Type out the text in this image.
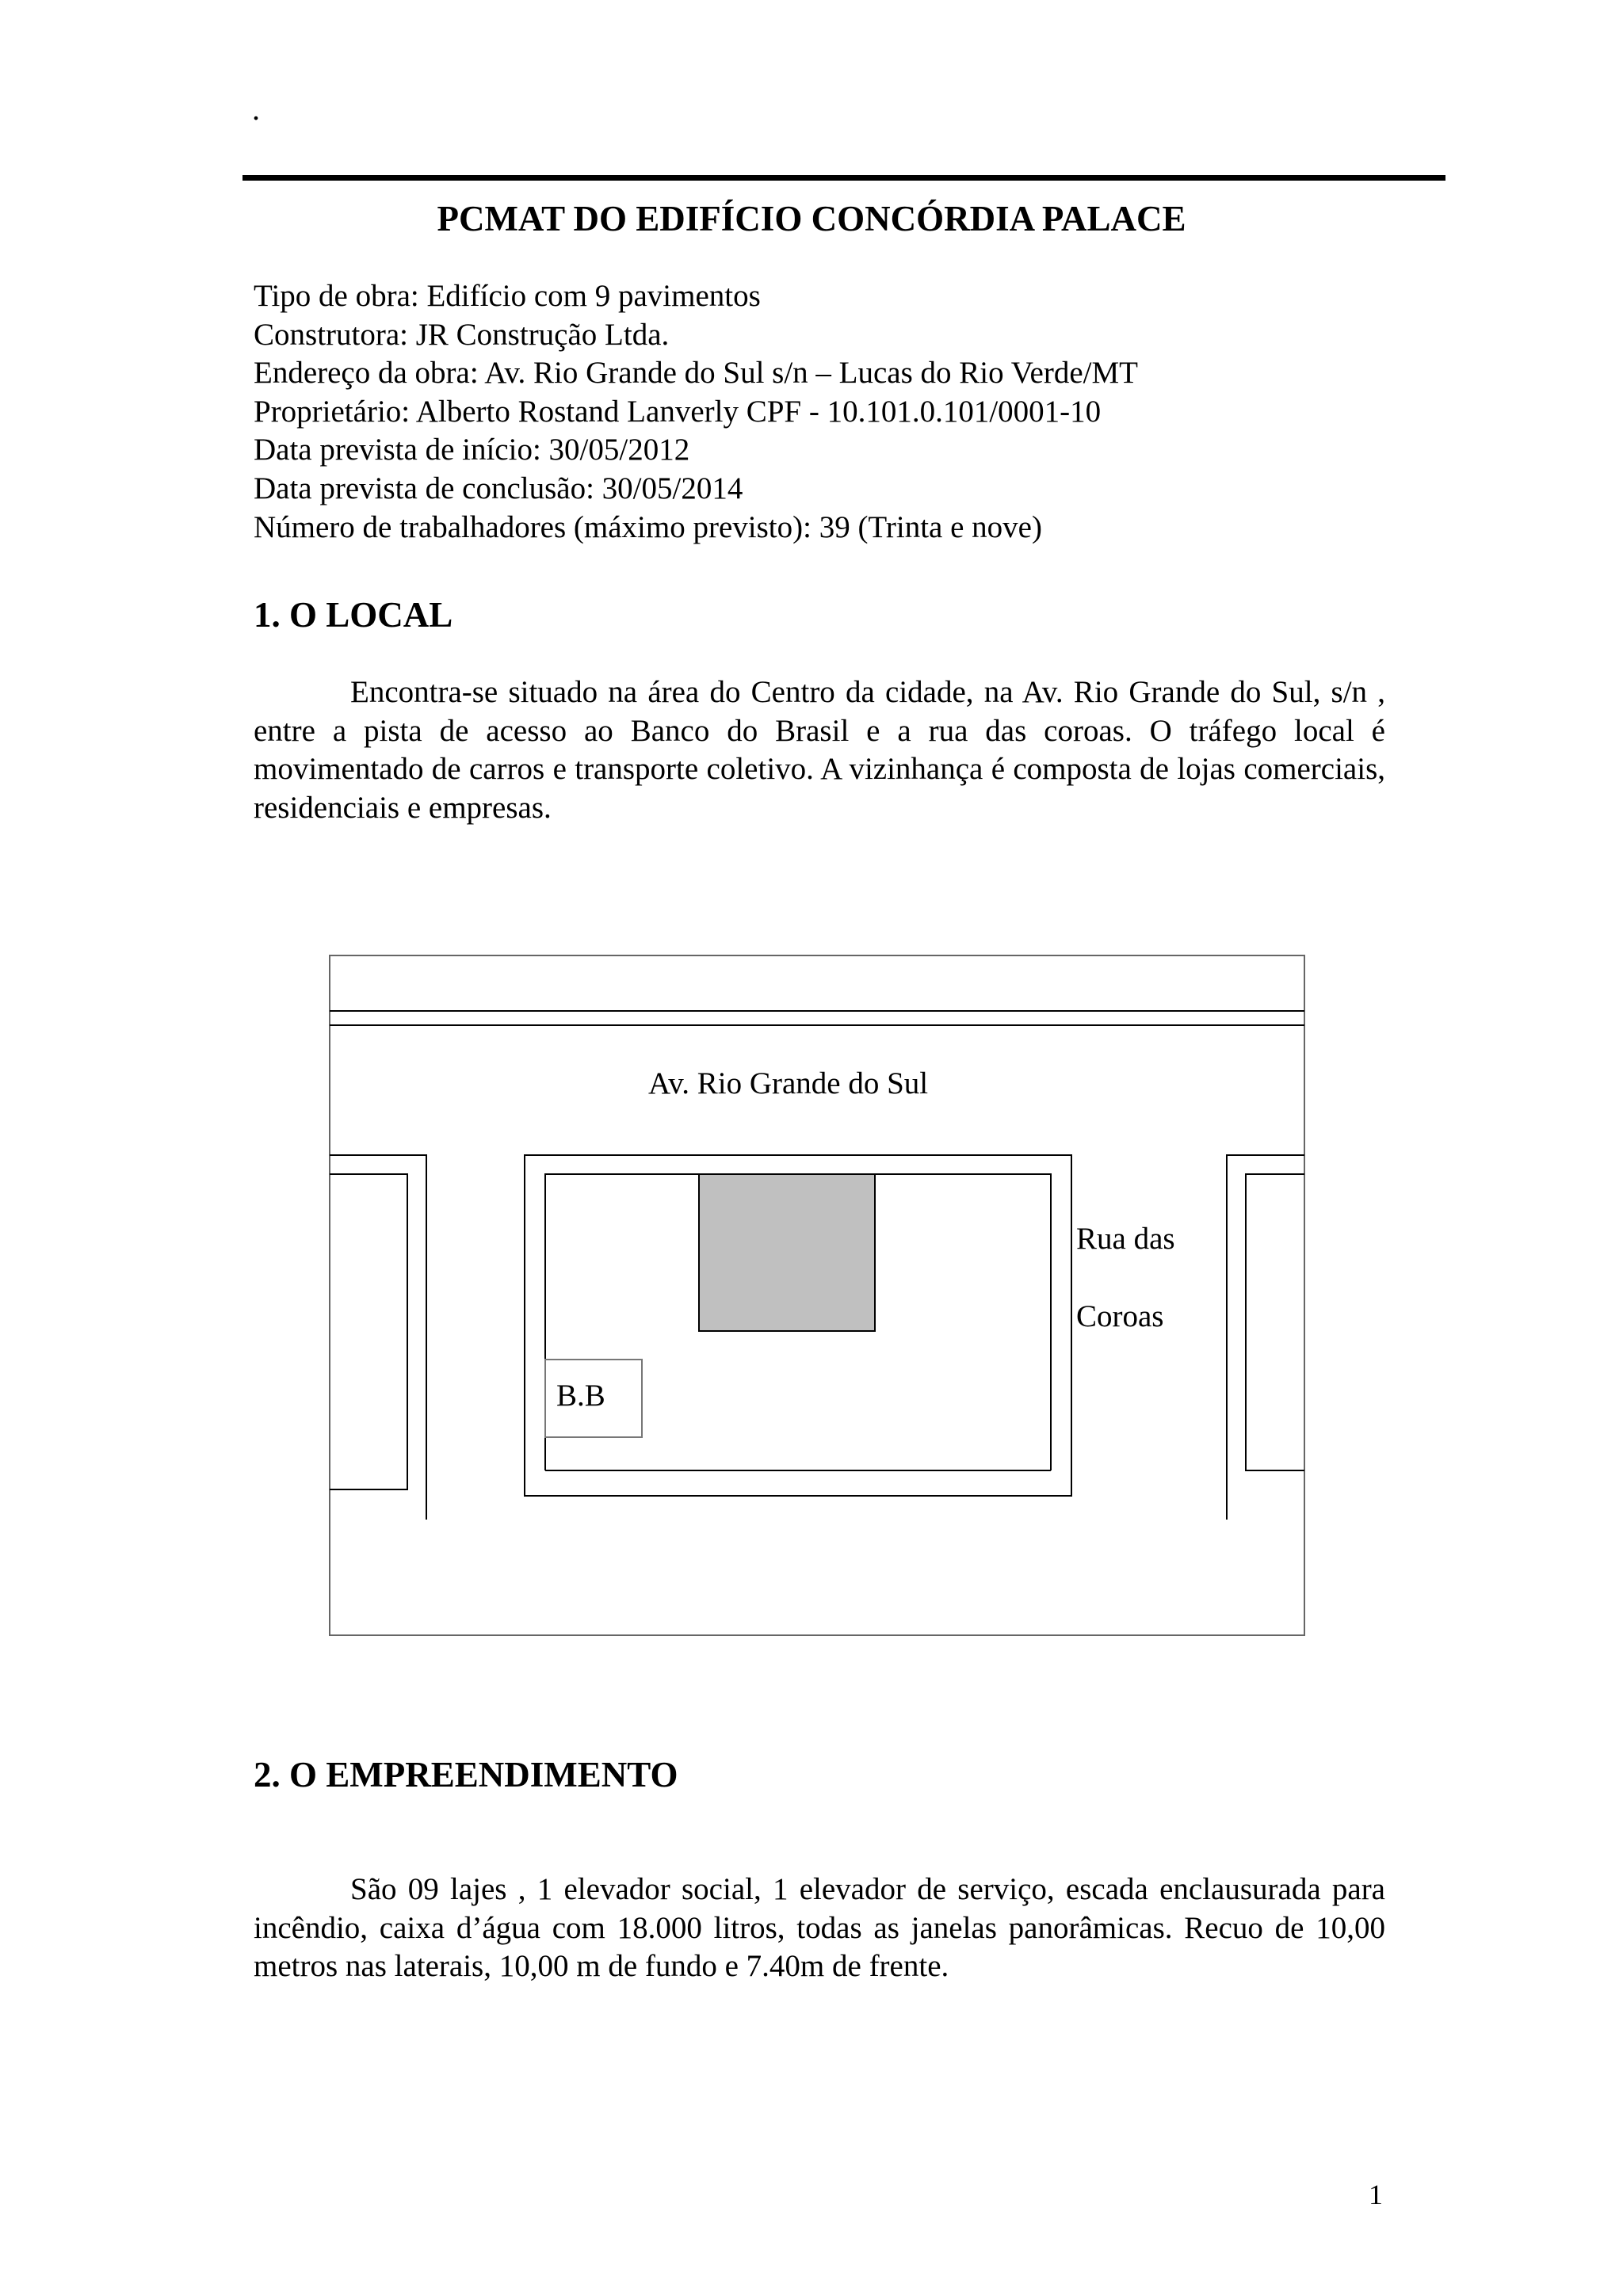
.
PCMAT DO EDIFÍCIO CONCÓRDIA PALACE
Tipo de obra: Edifício com 9 pavimentos
Construtora: JR Construção Ltda.
Endereço da obra: Av. Rio Grande do Sul s/n – Lucas do Rio Verde/MT
Proprietário: Alberto Rostand Lanverly CPF - 10.101.0.101/0001-10
Data prevista de início: 30/05/2012
Data prevista de conclusão: 30/05/2014
Número de trabalhadores (máximo previsto): 39 (Trinta e nove)
1. O LOCAL
Encontra-se situado na área do Centro da cidade, na Av. Rio Grande do Sul, s/n , entre a pista de acesso ao Banco do Brasil e a rua das coroas. O tráfego local é movimentado de carros e transporte coletivo. A vizinhança é composta de lojas comerciais, residenciais e empresas.
Av. Rio Grande do Sul
Rua das
Coroas
B.B
2. O EMPREENDIMENTO
São 09 lajes , 1 elevador social, 1 elevador de serviço, escada enclausurada para incêndio, caixa d’água com 18.000 litros, todas as janelas panorâmicas. Recuo de 10,00 metros nas laterais, 10,00 m de fundo e 7.40m de frente.
1
